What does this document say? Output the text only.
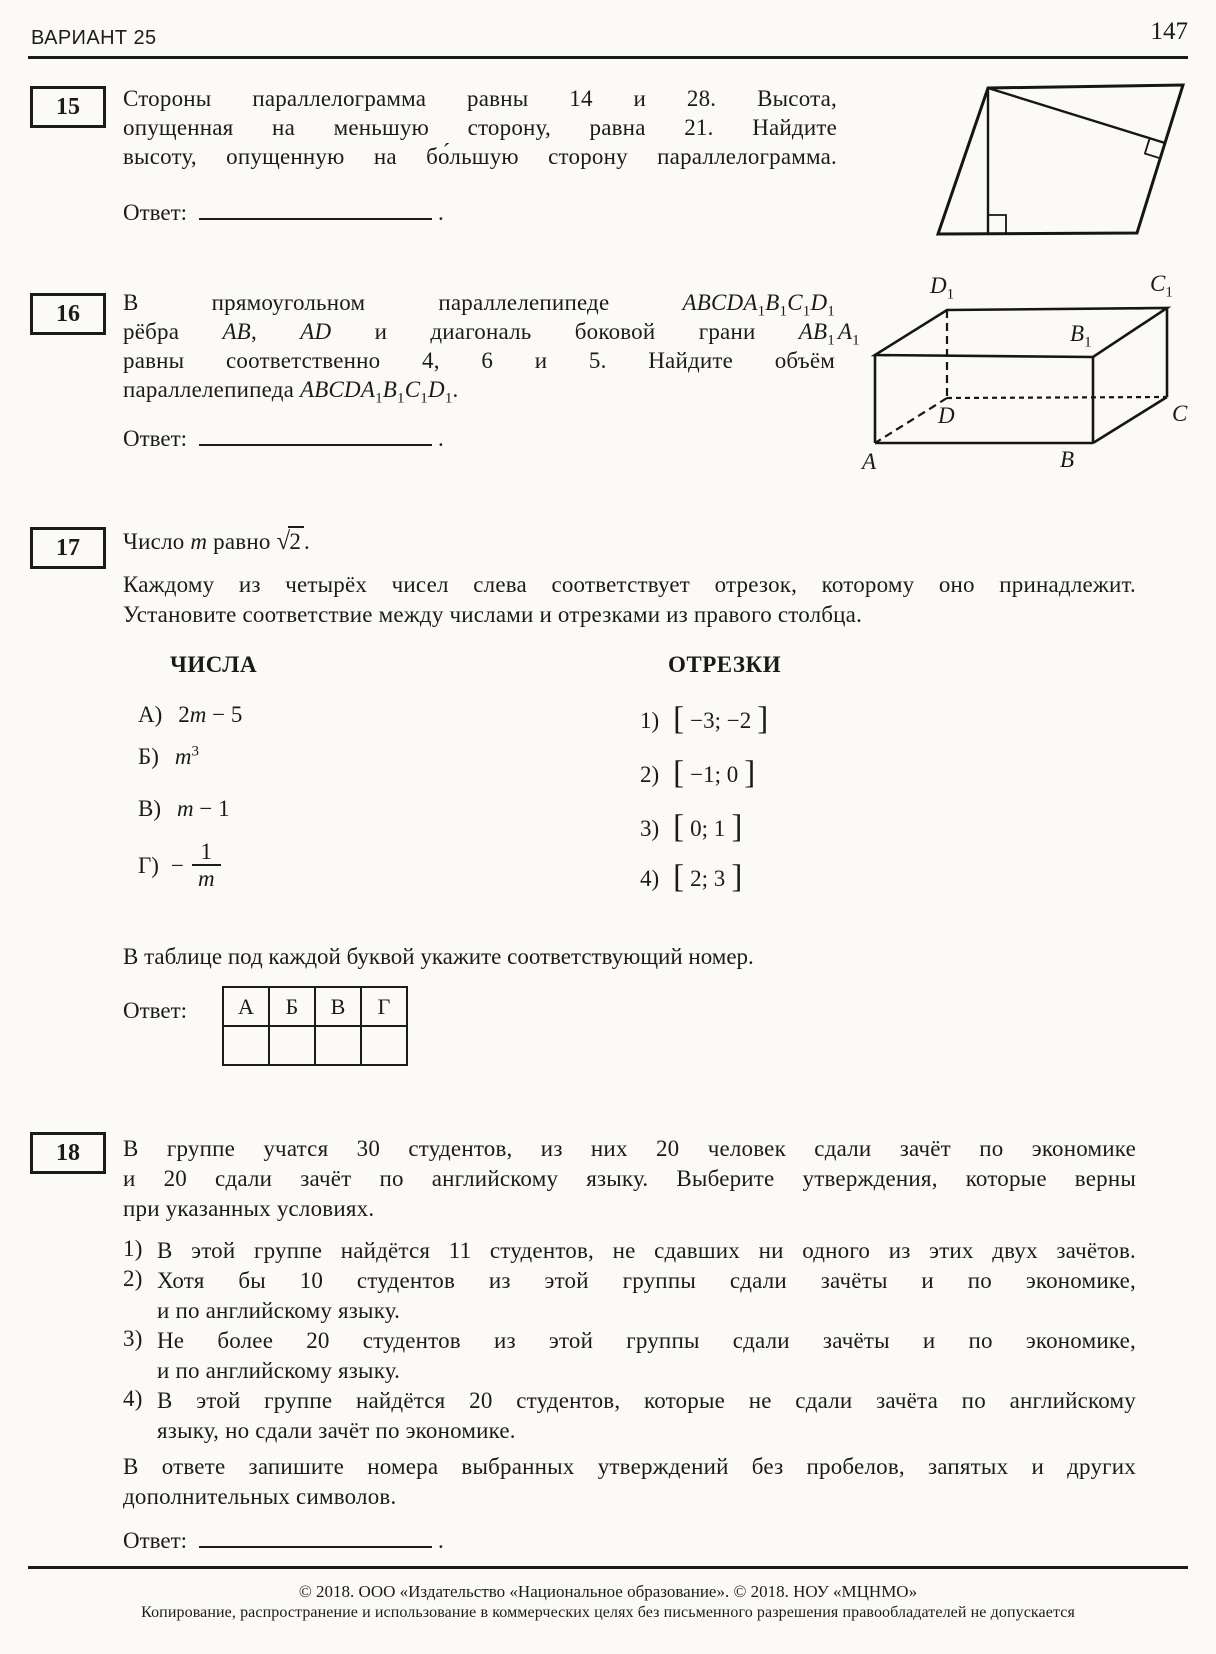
ВАРИАНТ 25	147
15 Стороны параллелограмма равны 14 и 28. Высота,
опущенная на меньшую сторону, равна 21. Найдите
высоту, опущенную на бо́льшую сторону параллелограмма.
Ответ:	.
16 В прямоугольном параллелепипеде $ABCDA_1B_1C_1D_1$
рёбра AB, AD и диагональ боковой грани $AB_1$
равны соответственно 4, 6 и 5. Найдите объём
параллелепипеда $ABCDA_1B_1C_1D_1$.
Ответ:	.
$A_1$
$D_1$	$C_1$
$B_1$
A	B
C
D
17 Число m равно √2 .
Каждому из четырёх чисел слева соответствует отрезок, которому оно принадлежит.
Установите соответствие между числами и отрезками из правого столбца.
ЧИСЛА	ОТРЕЗКИ
А) 2m − 5
Б) $m^3$
В) m − 1
$Г) - \frac{1}{m}$
1) [ −3; −2 ]
2) [ −1; 0 ]
3) [ 0; 1 ]
4) [ 2; 3 ]
В таблице под каждой буквой укажите соответствующий номер.
Ответ: А	Б	В	Г

18 В группе учатся 30 студентов, из них 20 человек сдали зачёт по экономике
и 20 сдали зачёт по английскому языку. Выберите утверждения, которые верны
при указанных условиях.
1) В этой группе найдётся 11 студентов, не сдавших ни одного из этих двух зачётов.
2) Хотя бы 10 студентов из этой группы сдали зачёты и по экономике,
и по английскому языку.
3) Не более 20 студентов из этой группы сдали зачёты и по экономике,
и по английскому языку.
4) В этой группе найдётся 20 студентов, которые не сдали зачёта по английскому
языку, но сдали зачёт по экономике.
В ответе запишите номера выбранных утверждений без пробелов, запятых и других
дополнительных символов.
Ответ:	.
© 2018. ООО «Издательство «Национальное образование». © 2018. НОУ «МЦНМО»
Копирование, распространение и использование в коммерческих целях без письменного разрешения правообладателей не допускается
